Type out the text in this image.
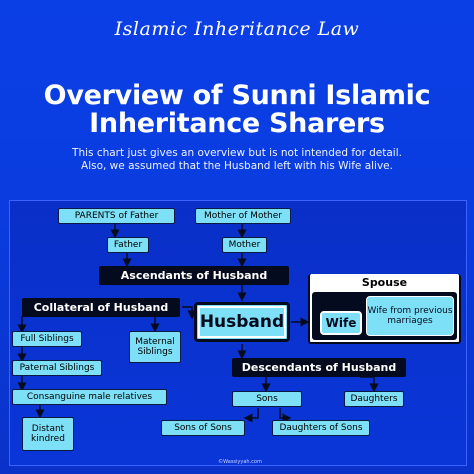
Islamic Inheritance Law
Overview of Sunni Islamic
Inheritance Sharers
This chart just gives an overview but is not intended for detail.
Also, we assumed that the Husband left with his Wife alive.
PARENTS of Father	Mother of Mother
Father	Mother
Ascendants of Husband
Collateral of Husband
Husband
Spouse
Wife
Wife from previous marriages
Full Siblings	Maternal Siblings
Paternal Siblings
Consanguine male relatives
Distant kindred
Descendants of Husband
Sons	Daughters
Sons of Sons	Daughters of Sons
©Wassiyyah.com
